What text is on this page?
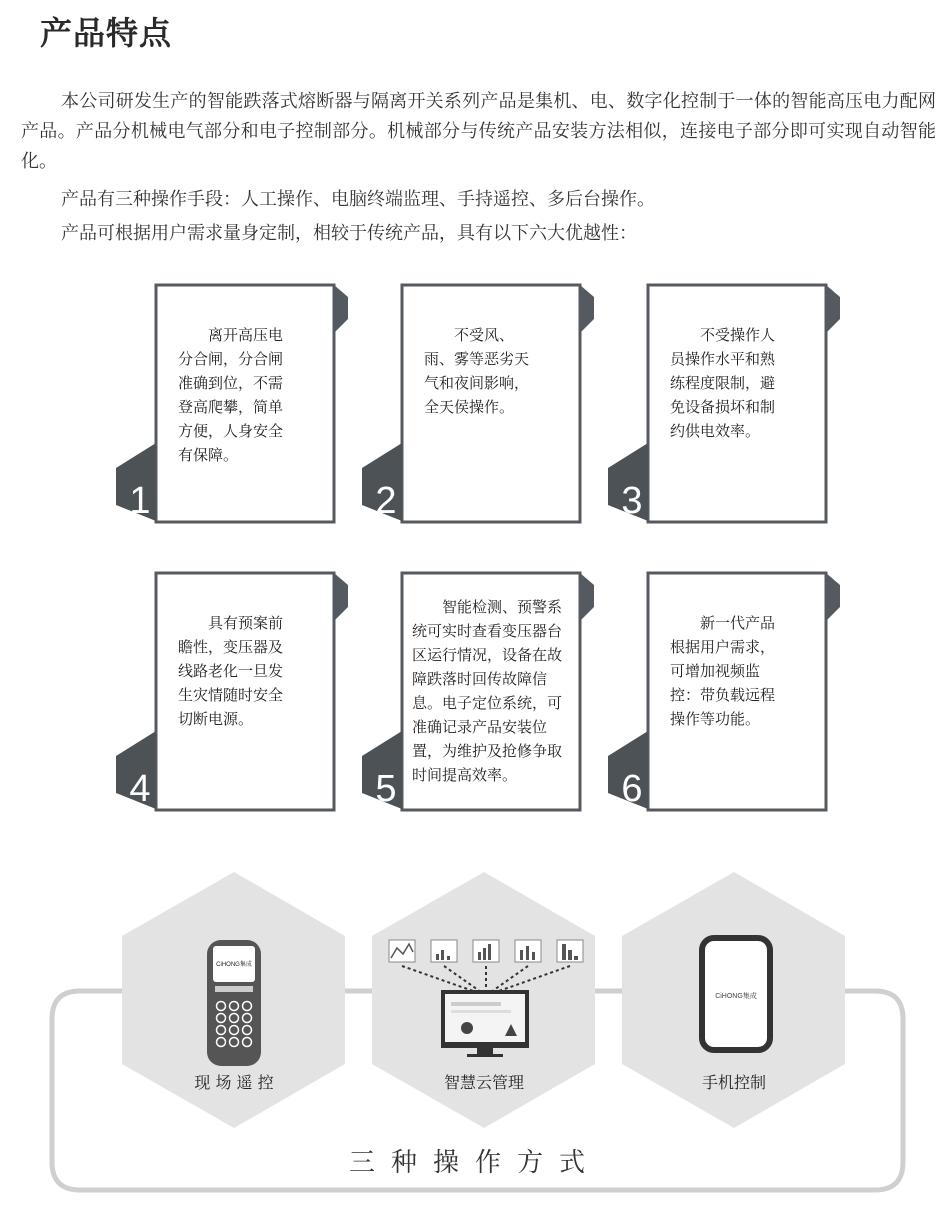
产品特点
本公司研发生产的智能跌落式熔断器与隔离开关系列产品是集机、电、数字化控制于一体的智能高压电力配网产品。产品分机械电气部分和电子控制部分。机械部分与传统产品安装方法相似，连接电子部分即可实现自动智能化。
产品有三种操作手段：人工操作、电脑终端监理、手持遥控、多后台操作。
产品可根据用户需求量身定制，相较于传统产品，具有以下六大优越性：
1
离开高压电分合闸，分合闸准确到位，不需登高爬攀，简单方便，人身安全有保障。
2
不受风、雨、雾等恶劣天气和夜间影响，全天侯操作。
3
不受操作人员操作水平和熟练程度限制，避免设备损坏和制约供电效率。
4
具有预案前瞻性，变压器及线路老化一旦发生灾情随时安全切断电源。
5
智能检测、预警系统可实时查看变压器台区运行情况，设备在故障跌落时回传故障信息。电子定位系统，可准确记录产品安装位置，为维护及抢修争取时间提高效率。	6
新一代产品根据用户需求，可增加视频监控：带负载远程操作等功能。
CiHONG集成
CiHONG集成
现 场 遥 控	智慧云管理	手机控制
三种操作方式
